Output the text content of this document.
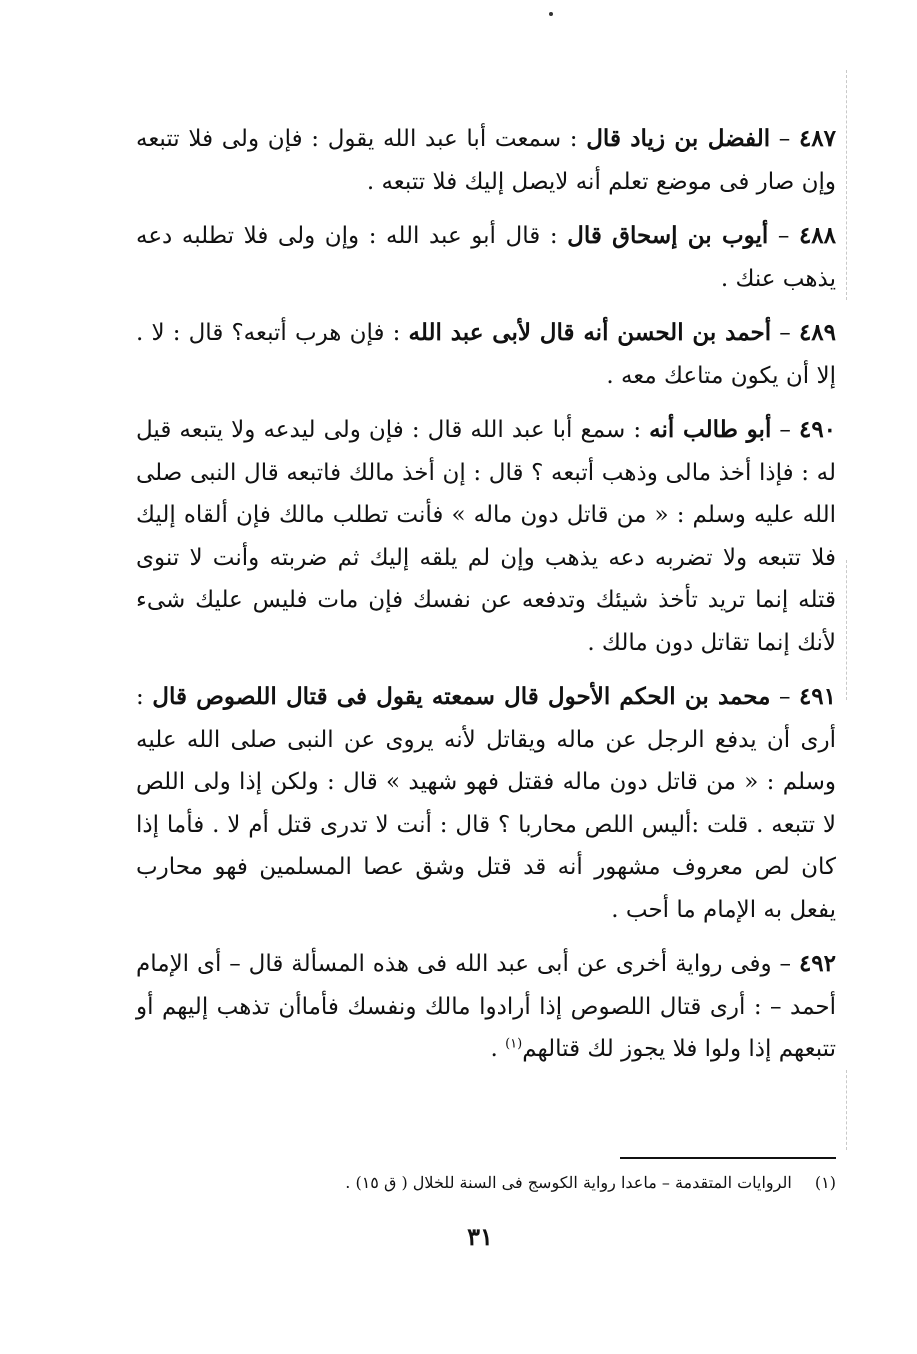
٤٨٧ – الفضل بن زياد قال : سمعت أبا عبد الله يقول : فإن ولى فلا تتبعه وإن صار فى موضع تعلم أنه لايصل إليك فلا تتبعه .

٤٨٨ – أيوب بن إسحاق قال : قال أبو عبد الله : وإن ولى فلا تطلبه دعه يذهب عنك .

٤٨٩ – أحمد بن الحسن أنه قال لأبى عبد الله : فإن هرب أتبعه؟ قال : لا . إلا أن يكون متاعك معه .

٤٩٠ – أبو طالب أنه : سمع أبا عبد الله قال : فإن ولى ليدعه ولا يتبعه قيل له : فإذا أخذ مالى وذهب أتبعه ؟ قال : إن أخذ مالك فاتبعه قال النبى صلى الله عليه وسلم : « من قاتل دون ماله » فأنت تطلب مالك فإن ألقاه إليك فلا تتبعه ولا تضربه دعه يذهب وإن لم يلقه إليك ثم ضربته وأنت لا تنوى قتله إنما تريد تأخذ شيئك وتدفعه عن نفسك فإن مات فليس عليك شىء لأنك إنما تقاتل دون مالك .

٤٩١ – محمد بن الحكم الأحول قال سمعته يقول فى قتال اللصوص قال : أرى أن يدفع الرجل عن ماله ويقاتل لأنه يروى عن النبى صلى الله عليه وسلم : « من قاتل دون ماله فقتل فهو شهيد » قال : ولكن إذا ولى اللص لا تتبعه . قلت :أليس اللص محاربا ؟ قال : أنت لا تدرى قتل أم لا . فأما إذا كان لص معروف مشهور أنه قد قتل وشق عصا المسلمين فهو محارب يفعل به الإمام ما أحب .

٤٩٢ – وفى رواية أخرى عن أبى عبد الله فى هذه المسألة قال – أى الإمام أحمد – : أرى قتال اللصوص إذا أرادوا مالك ونفسك فأماأن تذهب إليهم أو تتبعهم إذا ولوا فلا يجوز لك قتالهم$^{(١)}$ .

(١) الروايات المتقدمة – ماعدا رواية الكوسج فى السنة للخلال ( ق ١٥) .
٣١
